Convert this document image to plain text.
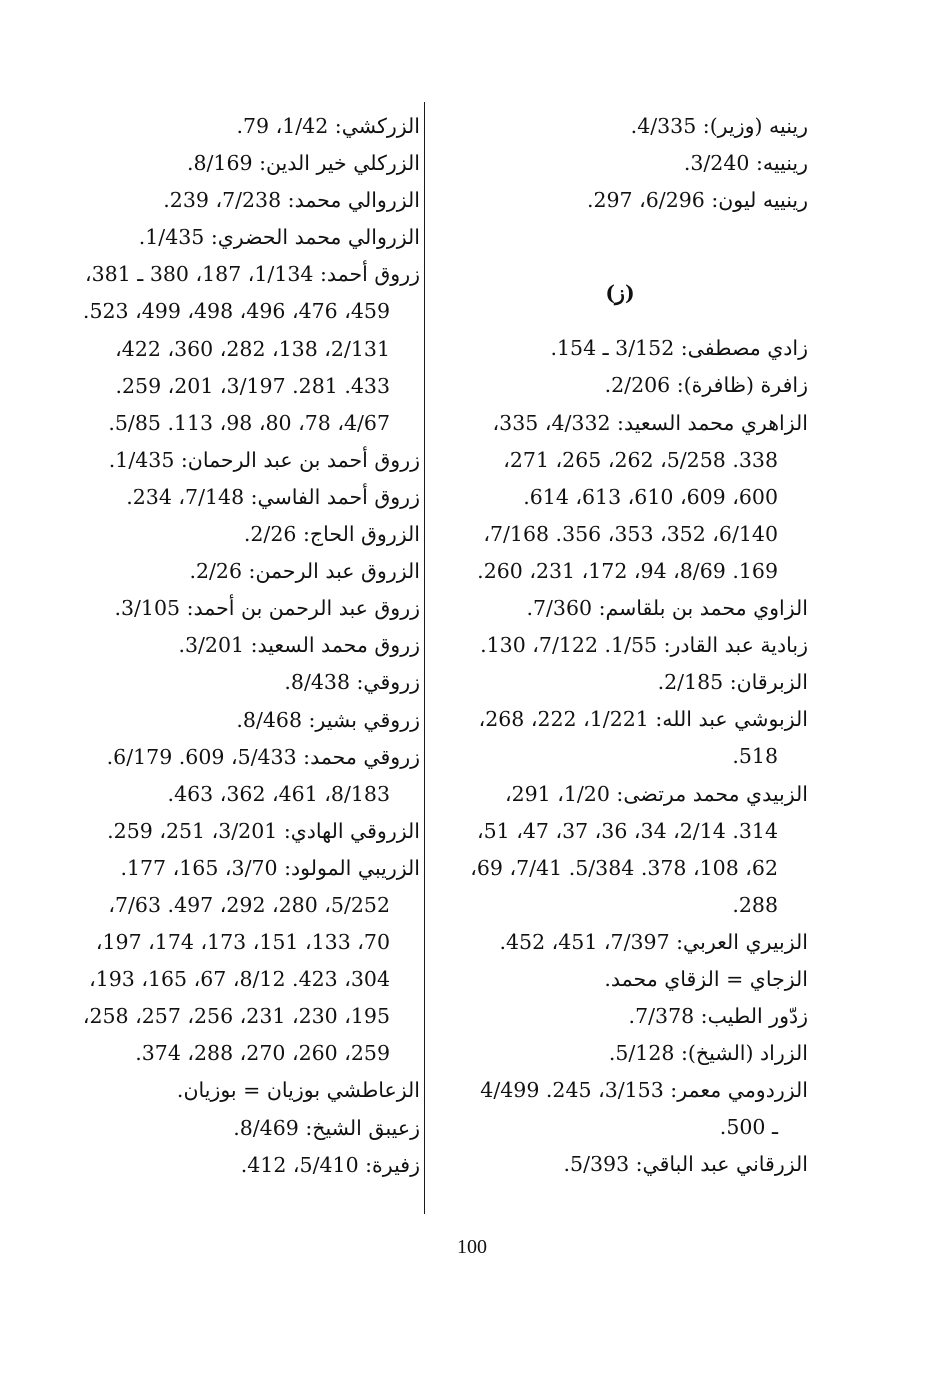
رينيه (وزير): 4/335.
رينييه: 3/240.
رينييه ليون: 6/296، 297.
(ز)
زادي مصطفى: 3/152 ـ 154.
زافرة (ظافرة): 2/206.
الزاهري محمد السعيد: 4/332، 335،
338. 5/258، 262، 265، 271،
600، 609، 610، 613، 614.
6/140، 352، 353، 356. 7/168،
169. 8/69، 94، 172، 231، 260.
الزاوي محمد بن بلقاسم: 7/360.
زبادية عبد القادر: 1/55. 7/122، 130.
الزبرقان: 2/185.
الزبوشي عبد الله: 1/221، 222، 268،
518.
الزبيدي محمد مرتضى: 1/20، 291،
314. 2/14، 34، 36، 37، 47، 51،
62، 108، 378. 5/384. 7/41، 69،
288.
الزبيري العربي: 7/397، 451، 452.
الزجاي = الزقاي محمد.
زدّور الطيب: 7/378.
الزراد (الشيخ): 5/128.
الزردومي معمر: 3/153، 245. 4/499
ـ 500.
الزرقاني عبد الباقي: 5/393.
الزركشي: 1/42، 79.
الزركلي خير الدين: 8/169.
الزروالي محمد: 7/238، 239.
الزروالي محمد الحضري: 1/435.
زروق أحمد: 1/134، 187، 380 ـ 381،
459، 476، 496، 498، 499، 523.
2/131، 138، 282، 360، 422،
433. 281. 3/197، 201، 259.
4/67، 78، 80، 98، 113. 5/85.
زروق أحمد بن عبد الرحمان: 1/435.
زروق أحمد الفاسي: 7/148، 234.
الزروق الحاج: 2/26.
الزروق عبد الرحمن: 2/26.
زروق عبد الرحمن بن أحمد: 3/105.
زروق محمد السعيد: 3/201.
زروقي: 8/438.
زروقي بشير: 8/468.
زروقي محمد: 5/433، 609. 6/179.
8/183، 461، 362، 463.
الزروقي الهادي: 3/201، 251، 259.
الزريبي المولود: 3/70، 165، 177.
5/252، 280، 292، 497. 7/63،
70، 133، 151، 173، 174، 197،
304، 423. 8/12، 67، 165، 193،
195، 230، 231، 256، 257، 258،
259، 260، 270، 288، 374.
الزعاطشي بوزيان = بوزيان.
زعيبق الشيخ: 8/469.
زفيرة: 5/410، 412.
100
